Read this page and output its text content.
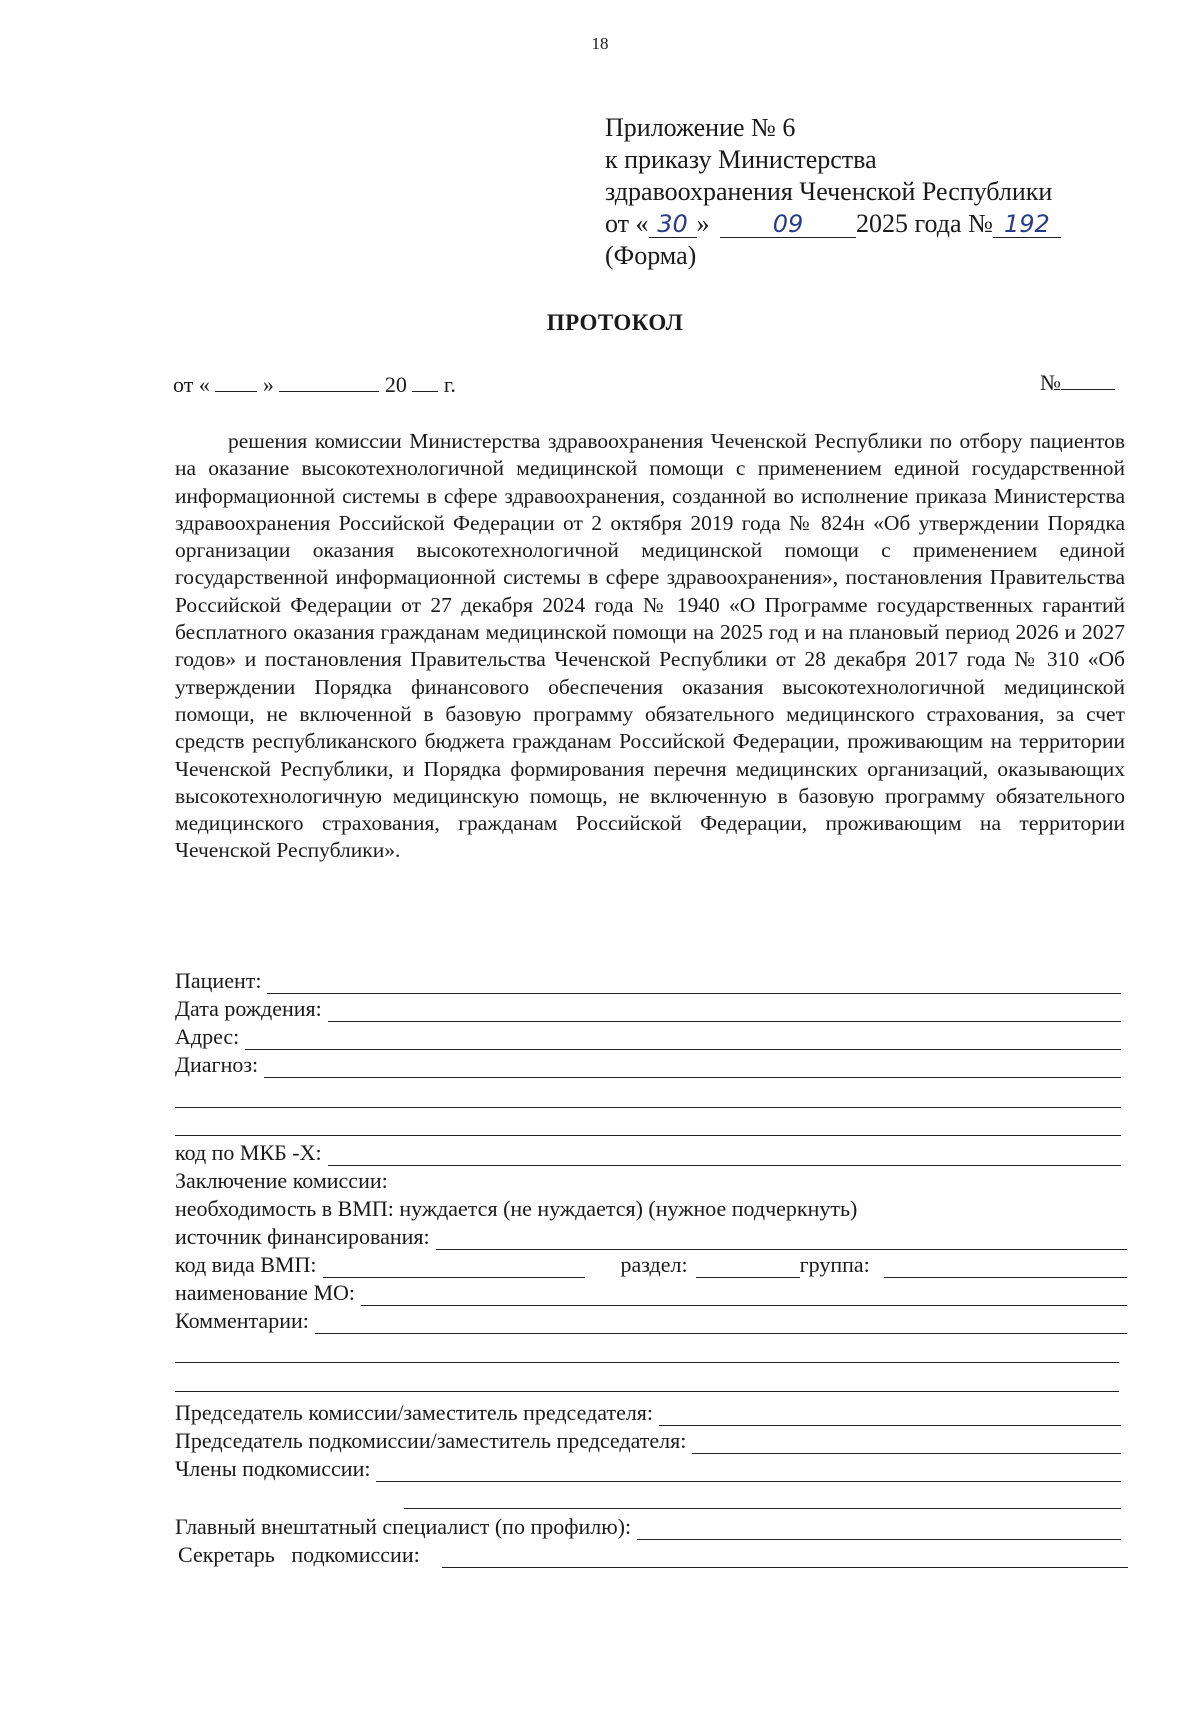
18
Приложение № 6
к приказу Министерства
здравоохранения Чеченской Республики
от « 30 »	09 2025 года № 192
(Форма)
ПРОТОКОЛ
от « »	20 г.	№

решения комиссии Министерства здравоохранения Чеченской Республики по отбору пациентов на оказание высокотехнологичной медицинской помощи с применением единой государственной информационной системы в сфере здравоохранения, созданной во исполнение приказа Министерства здравоохранения Российской Федерации от 2 октября 2019 года № 824н «Об утверждении Порядка организации оказания высокотехнологичной медицинской помощи с применением единой государственной информационной системы в сфере здравоохранения», постановления Правительства Российской Федерации от 27 декабря 2024 года № 1940 «О Программе государственных гарантий бесплатного оказания гражданам медицинской помощи на 2025 год и на плановый период 2026 и 2027 годов» и постановления Правительства Чеченской Республики от 28 декабря 2017 года № 310 «Об утверждении Порядка финансового обеспечения оказания высокотехнологичной медицинской помощи, не включенной в базовую программу обязательного медицинского страхования, за счет средств республиканского бюджета гражданам Российской Федерации, проживающим на территории Чеченской Республики, и Порядка формирования перечня медицинских организаций, оказывающих высокотехнологичную медицинскую помощь, не включенную в базовую программу обязательного медицинского страхования, гражданам Российской Федерации, проживающим на территории Чеченской Республики».

Пациент:
Дата рождения:
Адрес:
Диагноз:
код по МКБ -Х:
Заключение комиссии:
необходимость в ВМП: нуждается (не нуждается) (нужное подчеркнуть)
источник финансирования:
код вида ВМП:	раздел:	группа:
наименование МО:
Комментарии:
Председатель комиссии/заместитель председателя:
Председатель подкомиссии/заместитель председателя:
Члены подкомиссии:
Главный внештатный специалист (по профилю):
Секретарь   подкомиссии:
